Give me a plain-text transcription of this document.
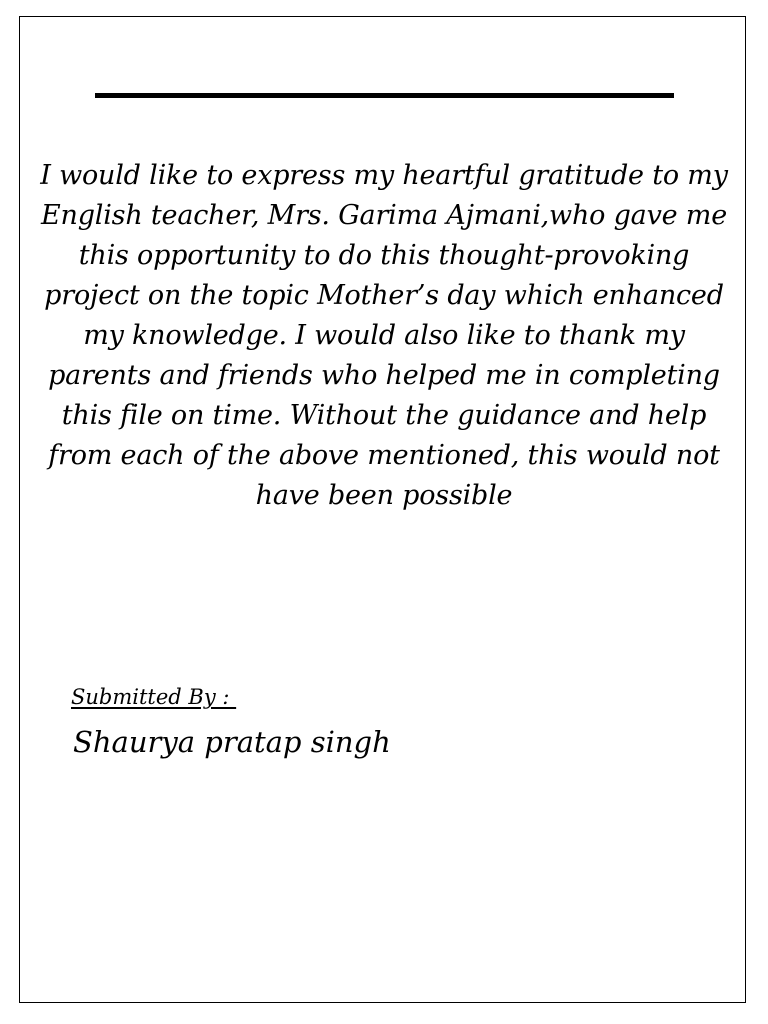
I would like to express my heartful gratitude to my English teacher, Mrs. Garima Ajmani,who gave me this opportunity to do this thought-provoking project on the topic Mother’s day which enhanced my knowledge. I would also like to thank my parents and friends who helped me in completing this file on time. Without the guidance and help from each of the above mentioned, this would not have been possible

Submitted By :

Shaurya pratap singh
